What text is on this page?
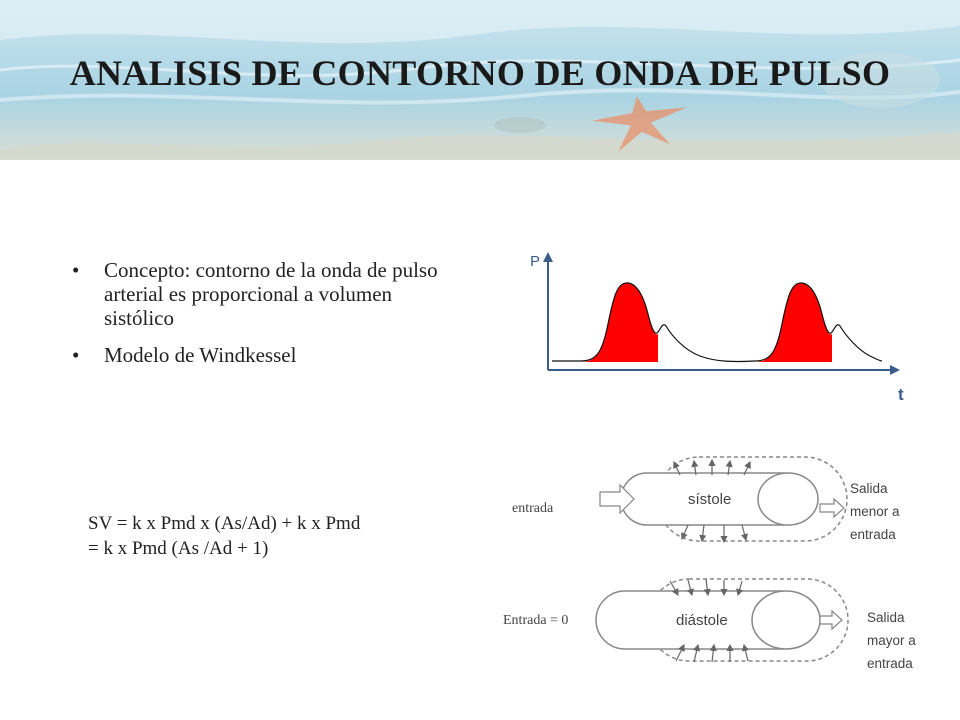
ANALISIS DE CONTORNO DE ONDA DE PULSO
• Concepto: contorno de la onda de pulso arterial es proporcional a volumen sistólico
• Modelo de Windkessel
SV = k x Pmd x (As/Ad) + k x Pmd
= k x Pmd (As /Ad + 1)
P
t
sístole
entrada
Salida
menor a
entrada
diástole
Entrada = 0	Salida
mayor a
entrada
